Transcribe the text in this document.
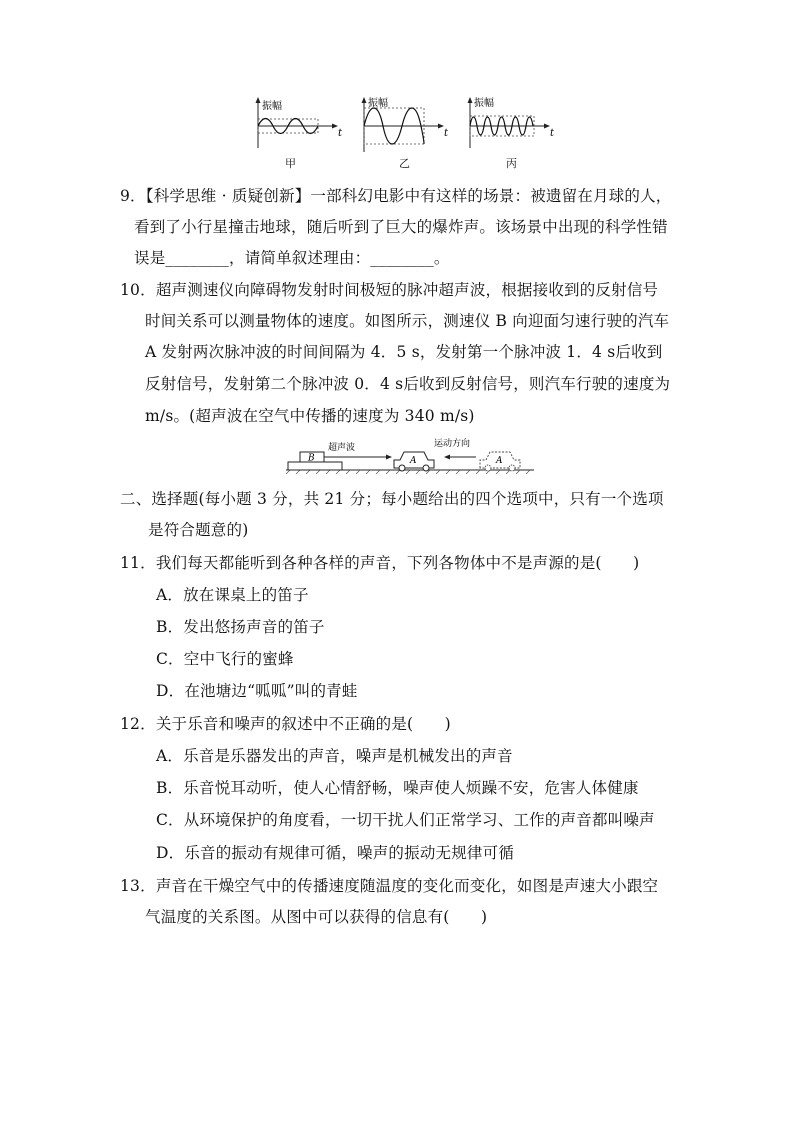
振幅
t
甲
振幅
t
乙
振幅
t
丙
9．【科学思维 · 质疑创新】一部科幻电影中有这样的场景：被遗留在月球的人，
看到了小行星撞击地球，随后听到了巨大的爆炸声。该场景中出现的科学性错
误是________，请简单叙述理由：________。
10．超声测速仪向障碍物发射时间极短的脉冲超声波，根据接收到的反射信号
时间关系可以测量物体的速度。如图所示，测速仪 B 向迎面匀速行驶的汽车
A 发射两次脉冲波的时间间隔为 4．5 s，发射第一个脉冲波 1．4 s后收到
反射信号，发射第二个脉冲波 0．4 s后收到反射信号，则汽车行驶的速度为
m/s。(超声波在空气中传播的速度为 340 m/s)
B
超声波
A
运动方向
A
二、选择题(每小题 3 分，共 21 分；每小题给出的四个选项中，只有一个选项
是符合题意的)
11．我们每天都能听到各种各样的声音，下列各物体中不是声源的是(　　)
A．放在课桌上的笛子
B．发出悠扬声音的笛子
C．空中飞行的蜜蜂
D．在池塘边“呱呱”叫的青蛙
12．关于乐音和噪声的叙述中不正确的是(　　)
A．乐音是乐器发出的声音，噪声是机械发出的声音
B．乐音悦耳动听，使人心情舒畅，噪声使人烦躁不安，危害人体健康
C．从环境保护的角度看，一切干扰人们正常学习、工作的声音都叫噪声
D．乐音的振动有规律可循，噪声的振动无规律可循
13．声音在干燥空气中的传播速度随温度的变化而变化，如图是声速大小跟空
气温度的关系图。从图中可以获得的信息有(　　)
